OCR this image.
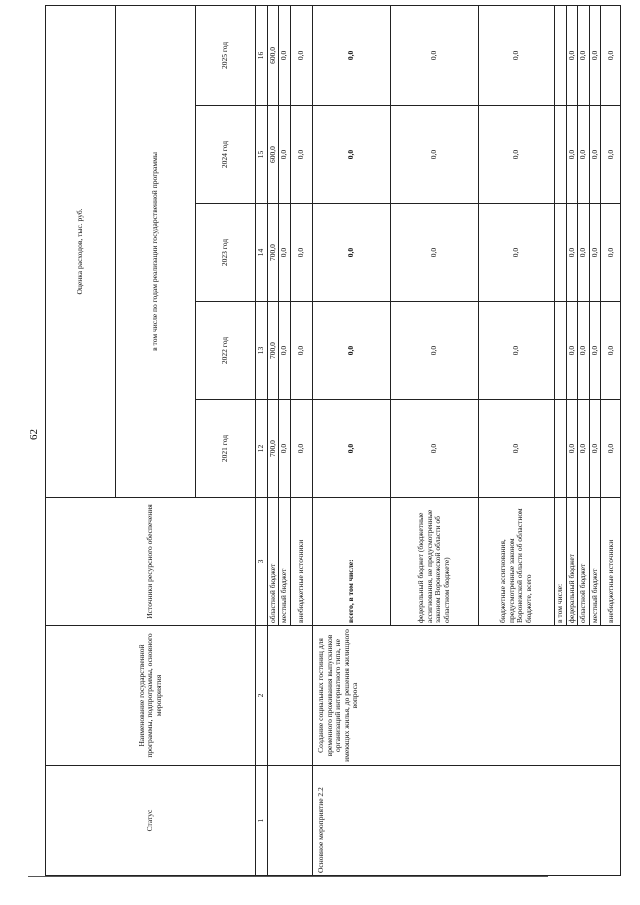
62
Статус	Наименование государственной программы, подпрограммы, основного мероприятия	Источники ресурсного обеспечения	Оценка расходов, тыс. руб.				
			в том числе по годам реализации государственной программы				
			2021 год	2022 год	2023 год	2024 год	2025 год
1	2	3	12	13	14	15	16
		областной бюджет	700,0	700,0	700,0	600,0	600,0
		местный бюджет	0,0	0,0	0,0	0,0	0,0
		внебюджетные источники	0,0	0,0	0,0	0,0	0,0
Основное мероприятие 2.2	Создание социальных гостиниц для временного проживания выпускников организаций интернатного типа, не имеющих жилья, до решения жилищного вопроса	всего, в том числе:	0,0	0,0	0,0	0,0	0,0
		федеральный бюджет (бюджетные ассигнования, не предусмотренные законом Воронежской области об областном бюджете)	0,0	0,0	0,0	0,0	0,0
		бюджетные ассигнования, предусмотренные законом Воронежской области об областном бюджете, всего	0,0	0,0	0,0	0,0	0,0
		в том числе:					
		федеральный бюджет	0,0	0,0	0,0	0,0	0,0
		областной бюджет	0,0	0,0	0,0	0,0	0,0
		местный бюджет	0,0	0,0	0,0	0,0	0,0
		внебюджетные источники	0,0	0,0	0,0	0,0	0,0
